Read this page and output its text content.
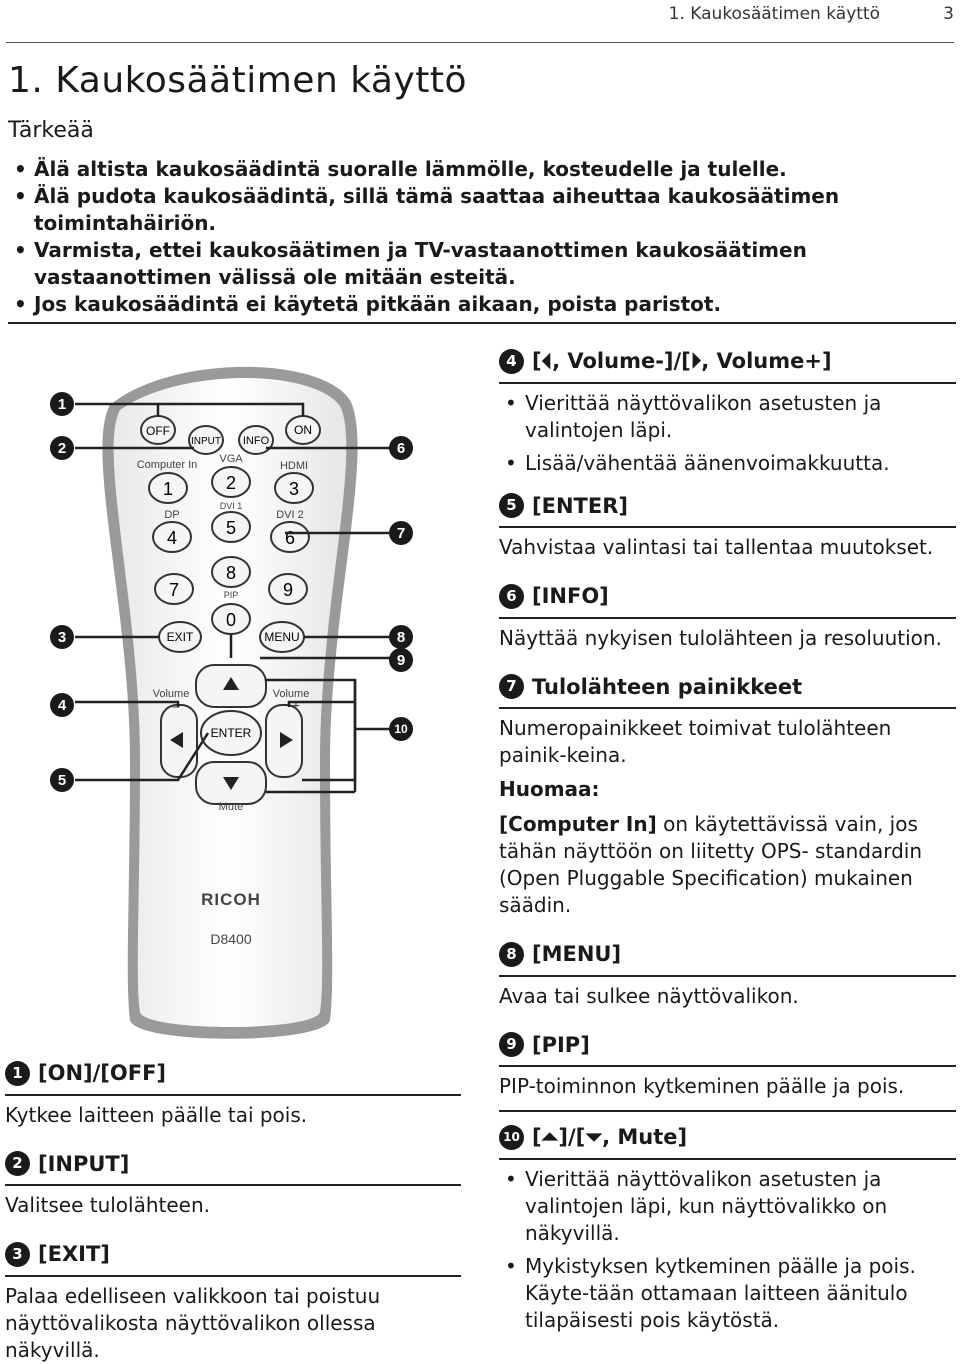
1. Kaukosäätimen käyttö	3
1. Kaukosäätimen käyttö
Tärkeää
• Älä altista kaukosäädintä suoralle lämmölle, kosteudelle ja tulelle.
• Älä pudota kaukosäädintä, sillä tämä saattaa aiheuttaa kaukosäätimen toimintahäiriön.
• Varmista, ettei kaukosäätimen ja TV-vastaanottimen kaukosäätimen vastaanottimen välissä ole mitään esteitä.
• Jos kaukosäädintä ei käytetä pitkään aikaan, poista paristot.
OFF
INPUT INFO
ON
Computer In VGA
HDMI
1	2	3
DP
DVI 1
DVI 2
4	5	6
7
8
9
PIP
0
EXIT	MENU
ENTER
Volume
–
Volume
+
Mute
RICOH
D8400
1
2
3
4
5
6
7
8
9
10
1 [ON]/[OFF]
Kytkee laitteen päälle tai pois.
2 [INPUT]
Valitsee tulolähteen.
3 [EXIT]
Palaa edelliseen valikkoon tai poistuu näyttövalikosta näyttövalikon ollessa näkyvillä.
4 [⏴, Volume-]/[⏵, Volume+]
• Vierittää näyttövalikon asetusten ja valintojen läpi.
• Lisää/vähentää äänenvoimakkuutta.
5 [ENTER]
Vahvistaa valintasi tai tallentaa muutokset.
6 [INFO]
Näyttää nykyisen tulolähteen ja resoluution.
7 Tulolähteen painikkeet
Numeropainikkeet toimivat tulolähteen painik-keina.
Huomaa:
[Computer In] on käytettävissä vain, jos tähän näyttöön on liitetty OPS- standardin (Open Pluggable Specification) mukainen säädin.
8 [MENU]
Avaa tai sulkee näyttövalikon.
9 [PIP]
PIP-toiminnon kytkeminen päälle ja pois.
10 [⏶]/[⏷, Mute]
• Vierittää näyttövalikon asetusten ja valintojen läpi, kun näyttövalikko on näkyvillä.
• Mykistyksen kytkeminen päälle ja pois. Käyte-tään ottamaan laitteen äänitulo tilapäisesti pois käytöstä.
